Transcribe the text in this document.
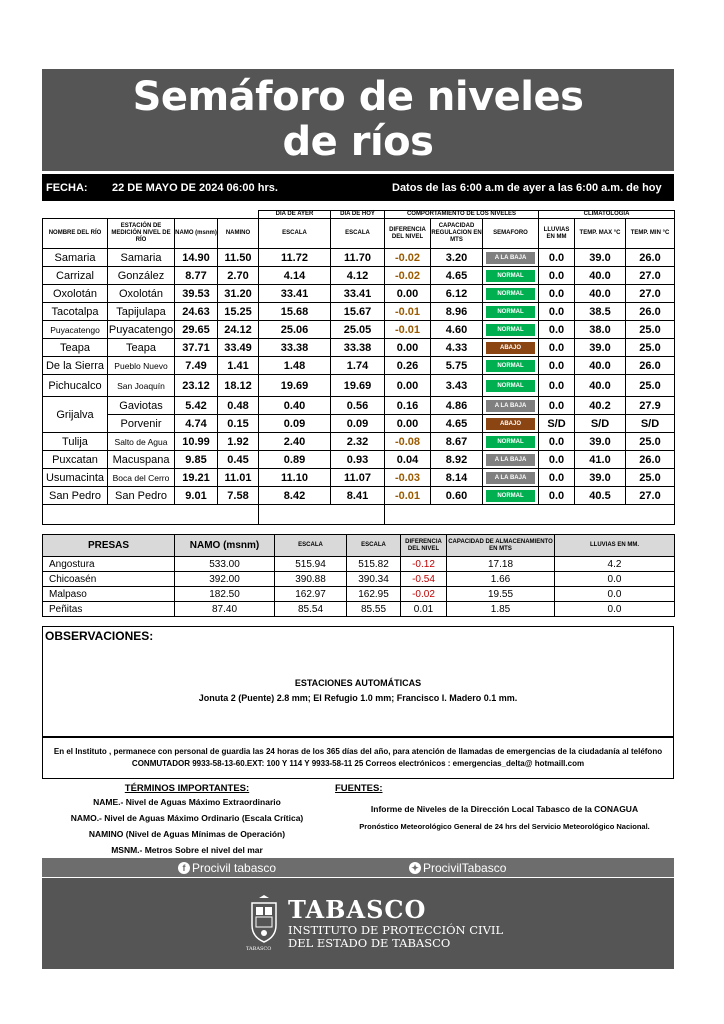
Semáforo de niveles
de ríos
FECHA: 22 DE MAYO DE 2024 06:00 hrs.	Datos de las 6:00 a.m de ayer a las 6:00 a.m. de hoy
				DIA DE AYER	DIA DE HOY	COMPORTAMIENTO DE LOS NIVELES			CLIMATOLOGIA		
NOMBRE DEL RÍO	ESTACIÓN DE MEDICIÓN NIVEL DE RÍO	NAMO (msnm)	NAMINO	ESCALA	ESCALA	DIFERENCIA DEL NIVEL	CAPACIDAD REGULACION EN MTS	SEMAFORO	LLUVIAS EN MM	TEMP. MAX °C	TEMP. MIN °C
Samaria	Samaria	14.90	11.50	11.72	11.70	-0.02	3.20	A LA BAJA	0.0	39.0	26.0
Carrizal	González	8.77	2.70	4.14	4.12	-0.02	4.65	NORMAL	0.0	40.0	27.0
Oxolotán	Oxolotán	39.53	31.20	33.41	33.41	0.00	6.12	NORMAL	0.0	40.0	27.0
Tacotalpa	Tapijulapa	24.63	15.25	15.68	15.67	-0.01	8.96	NORMAL	0.0	38.5	26.0
Puyacatengo	Puyacatengo	29.65	24.12	25.06	25.05	-0.01	4.60	NORMAL	0.0	38.0	25.0
Teapa	Teapa	37.71	33.49	33.38	33.38	0.00	4.33	ABAJO	0.0	39.0	25.0
De la Sierra	Pueblo Nuevo	7.49	1.41	1.48	1.74	0.26	5.75	NORMAL	0.0	40.0	26.0
Pichucalco	San Joaquín	23.12	18.12	19.69	19.69	0.00	3.43	NORMAL	0.0	40.0	25.0
Grijalva	Gaviotas	5.42	0.48	0.40	0.56	0.16	4.86	A LA BAJA	0.0	40.2	27.9
	Porvenir	4.74	0.15	0.09	0.09	0.00	4.65	ABAJO	S/D	S/D	S/D
Tulija	Salto de Agua	10.99	1.92	2.40	2.32	-0.08	8.67	NORMAL	0.0	39.0	25.0
Puxcatan	Macuspana	9.85	0.45	0.89	0.93	0.04	8.92	A LA BAJA	0.0	41.0	26.0
Usumacinta	Boca del Cerro	19.21	11.01	11.10	11.07	-0.03	8.14	A LA BAJA	0.0	39.0	25.0
San Pedro	San Pedro	9.01	7.58	8.42	8.41	-0.01	0.60	NORMAL	0.0	40.5	27.0

PRESAS	NAMO (msnm)	ESCALA	ESCALA	DIFERENCIA DEL NIVEL	CAPACIDAD DE ALMACENAMIENTO EN MTS	LLUVIAS EN MM.
Angostura	533.00	515.94	515.82	-0.12	17.18	4.2
Chicoasén	392.00	390.88	390.34	-0.54	1.66	0.0
Malpaso	182.50	162.97	162.95	-0.02	19.55	0.0
Peñitas	87.40	85.54	85.55	0.01	1.85	0.0
OBSERVACIONES:
ESTACIONES AUTOMÁTICAS
Jonuta 2 (Puente) 2.8 mm; El Refugio 1.0 mm; Francisco I. Madero 0.1 mm.
En el Instituto , permanece con personal de guardia las 24 horas de los 365 días del año, para atención de llamadas de emergencias de la ciudadanía al teléfono
CONMUTADOR 9933-58-13-60.EXT: 100 Y 114 Y 9933-58-11 25 Correos electrónicos : emergencias_delta@ hotmaill.com
TÉRMINOS IMPORTANTES:
NAME.- Nivel de Aguas Máximo Extraordinario
NAMO.- Nivel de Aguas Máximo Ordinario (Escala Crítica)
NAMINO (Nivel de Aguas Mínimas de Operación)
MSNM.- Metros Sobre el nivel del mar
FUENTES:
Informe de Niveles de la Dirección Local Tabasco de la CONAGUA
Pronóstico Meteorológico General de 24 hrs del Servicio Meteorológico Nacional.
f Procivil tabasco	✦ ProcivilTabasco
TABASCO
TABASCO
INSTITUTO DE PROTECCIÓN CIVIL
DEL ESTADO DE TABASCO
